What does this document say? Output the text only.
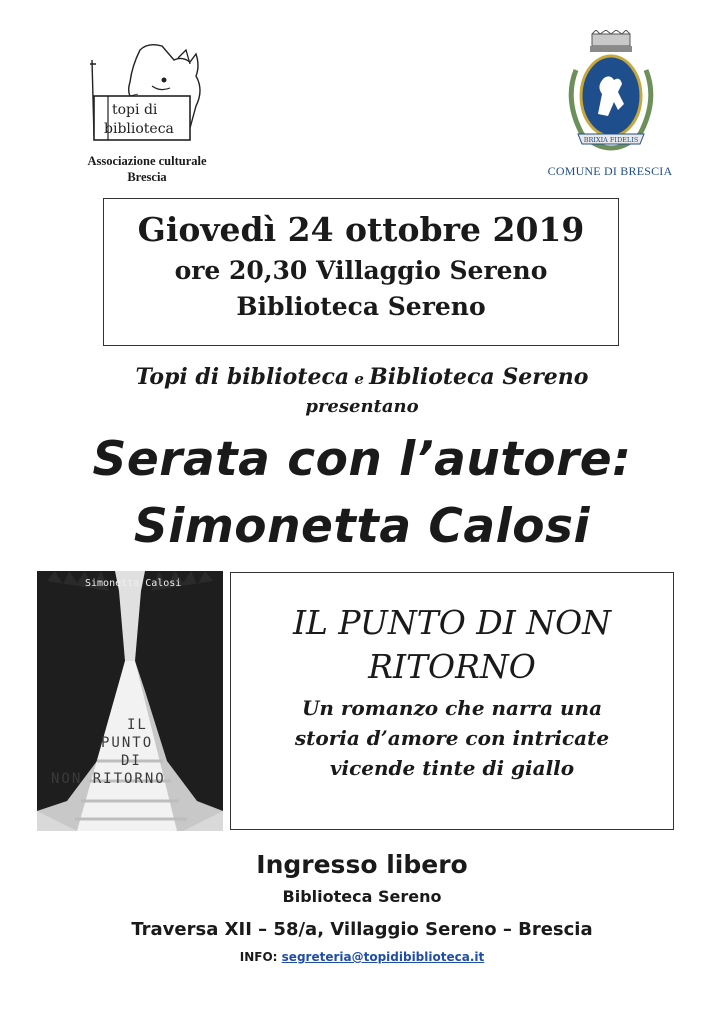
topi di
biblioteca
Associazione culturale
Brescia
BRIXIA FIDELIS
COMUNE DI BRESCIA
Giovedì 24 ottobre 2019
ore 20,30 Villaggio Sereno
Biblioteca Sereno
Topi di biblioteca e Biblioteca Sereno
presentano
Serata con l’autore:
Simonetta Calosi
Simonetta Calosi
IL
PUNTO
DI
NON RITORNO
IL PUNTO DI NON
RITORNO
Un romanzo che narra una
storia d’amore con intricate
vicende tinte di giallo
Ingresso libero
Biblioteca Sereno
Traversa XII – 58/a, Villaggio Sereno – Brescia
INFO: segreteria@topidibiblioteca.it
